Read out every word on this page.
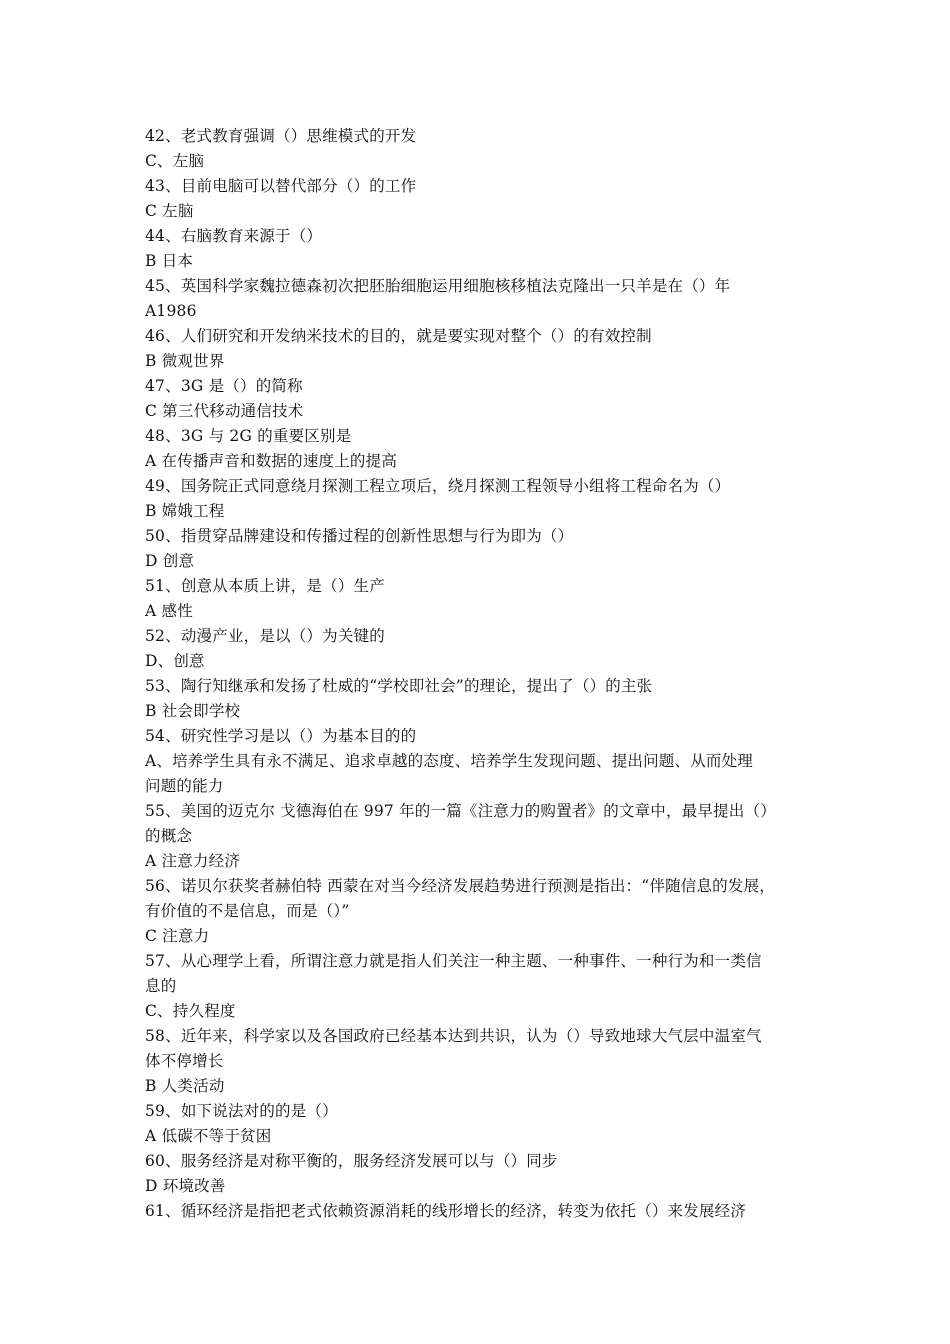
42、老式教育强调（）思维模式的开发
C、左脑
43、目前电脑可以替代部分（）的工作
C 左脑
44、右脑教育来源于（）
B 日本
45、英国科学家魏拉德森初次把胚胎细胞运用细胞核移植法克隆出一只羊是在（）年
A1986
46、人们研究和开发纳米技术的目的，就是要实现对整个（）的有效控制
B 微观世界
47、3G 是（）的简称
C 第三代移动通信技术
48、3G 与 2G 的重要区别是
A 在传播声音和数据的速度上的提高
49、国务院正式同意绕月探测工程立项后，绕月探测工程领导小组将工程命名为（）
B 嫦娥工程
50、指贯穿品牌建设和传播过程的创新性思想与行为即为（）
D 创意
51、创意从本质上讲，是（）生产
A 感性
52、动漫产业，是以（）为关键的
D、创意
53、陶行知继承和发扬了杜威的“学校即社会”的理论，提出了（）的主张
B 社会即学校
54、研究性学习是以（）为基本目的的
A、培养学生具有永不满足、追求卓越的态度、培养学生发现问题、提出问题、从而处理
问题的能力
55、美国的迈克尔 戈德海伯在 997 年的一篇《注意力的购置者》的文章中，最早提出（）
的概念
A 注意力经济
56、诺贝尔获奖者赫伯特 西蒙在对当今经济发展趋势进行预测是指出：“伴随信息的发展，
有价值的不是信息，而是（）”
C 注意力
57、从心理学上看，所谓注意力就是指人们关注一种主题、一种事件、一种行为和一类信
息的
C、持久程度
58、近年来，科学家以及各国政府已经基本达到共识，认为（）导致地球大气层中温室气
体不停增长
B 人类活动
59、如下说法对的的是（）
A 低碳不等于贫困
60、服务经济是对称平衡的，服务经济发展可以与（）同步
D 环境改善
61、循环经济是指把老式依赖资源消耗的线形增长的经济，转变为依托（）来发展经济
